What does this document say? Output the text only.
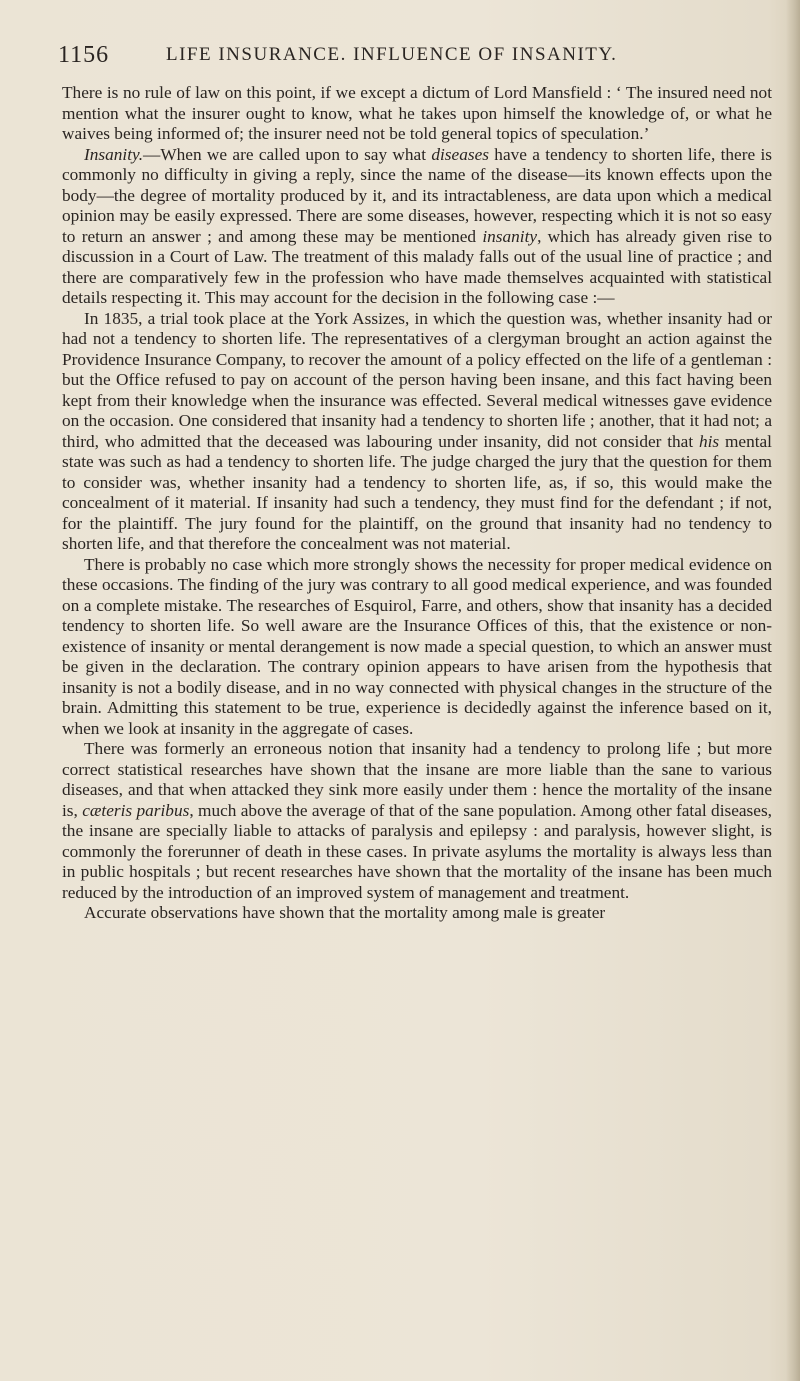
1156	LIFE INSURANCE. INFLUENCE OF INSANITY.

There is no rule of law on this point, if we except a dictum of Lord Mansfield : ‘ The insured need not mention what the insurer ought to know, what he takes upon himself the knowledge of, or what he waives being informed of; the insurer need not be told general topics of speculation.’

Insanity.—When we are called upon to say what diseases have a tendency to shorten life, there is commonly no difficulty in giving a reply, since the name of the disease—its known effects upon the body—the degree of mortality produced by it, and its intractableness, are data upon which a medical opinion may be easily expressed. There are some diseases, however, respecting which it is not so easy to return an answer ; and among these may be mentioned insanity, which has already given rise to discussion in a Court of Law. The treatment of this malady falls out of the usual line of practice ; and there are comparatively few in the profession who have made themselves acquainted with statistical details respecting it. This may account for the decision in the following case :—

In 1835, a trial took place at the York Assizes, in which the question was, whether insanity had or had not a tendency to shorten life. The representatives of a clergyman brought an action against the Providence Insurance Company, to recover the amount of a policy effected on the life of a gentleman : but the Office refused to pay on account of the person having been insane, and this fact having been kept from their knowledge when the insurance was effected. Several medical witnesses gave evidence on the occasion. One considered that insanity had a tendency to shorten life ; another, that it had not; a third, who admitted that the deceased was labouring under insanity, did not consider that his mental state was such as had a tendency to shorten life. The judge charged the jury that the question for them to consider was, whether insanity had a tendency to shorten life, as, if so, this would make the concealment of it material. If insanity had such a tendency, they must find for the defendant ; if not, for the plaintiff. The jury found for the plaintiff, on the ground that insanity had no tendency to shorten life, and that therefore the concealment was not material.

There is probably no case which more strongly shows the necessity for proper medical evidence on these occasions. The finding of the jury was contrary to all good medical experience, and was founded on a complete mistake. The researches of Esquirol, Farre, and others, show that insanity has a decided tendency to shorten life. So well aware are the Insurance Offices of this, that the existence or non-existence of insanity or mental derangement is now made a special question, to which an answer must be given in the declaration. The contrary opinion appears to have arisen from the hypothesis that insanity is not a bodily disease, and in no way connected with physical changes in the structure of the brain. Admitting this statement to be true, experience is decidedly against the inference based on it, when we look at insanity in the aggregate of cases.

There was formerly an erroneous notion that insanity had a tendency to prolong life ; but more correct statistical researches have shown that the insane are more liable than the sane to various diseases, and that when attacked they sink more easily under them : hence the mortality of the insane is, cæteris paribus, much above the average of that of the sane population. Among other fatal diseases, the insane are specially liable to attacks of paralysis and epilepsy : and paralysis, however slight, is commonly the forerunner of death in these cases. In private asylums the mortality is always less than in public hospitals ; but recent researches have shown that the mortality of the insane has been much reduced by the introduction of an improved system of management and treatment.

Accurate observations have shown that the mortality among male is greater
